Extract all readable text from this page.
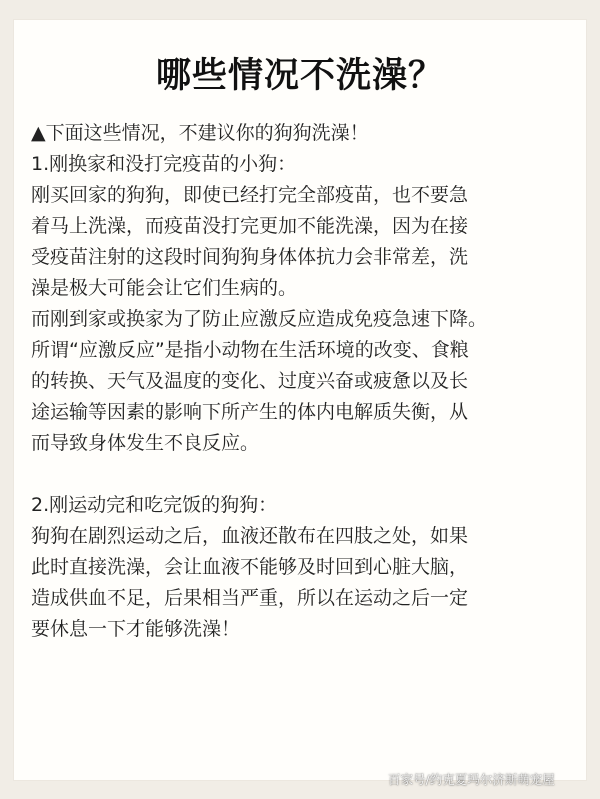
哪些情况不洗澡？

▲下面这些情况，不建议你的狗狗洗澡！

1.刚换家和没打完疫苗的小狗：

刚买回家的狗狗，即使已经打完全部疫苗，也不要急

着马上洗澡，而疫苗没打完更加不能洗澡，因为在接

受疫苗注射的这段时间狗狗身体体抗力会非常差，洗

澡是极大可能会让它们生病的。

而刚到家或换家为了防止应激反应造成免疫急速下降。

所谓“应激反应”是指小动物在生活环境的改变、食粮

的转换、天气及温度的变化、过度兴奋或疲惫以及长

途运输等因素的影响下所产生的体内电解质失衡，从

而导致身体发生不良反应。

2.刚运动完和吃完饭的狗狗：

狗狗在剧烈运动之后，血液还散布在四肢之处，如果

此时直接洗澡，会让血液不能够及时回到心脏大脑，

造成供血不足，后果相当严重，所以在运动之后一定

要休息一下才能够洗澡！

百家号/约克夏玛尔济斯萌宠屋
